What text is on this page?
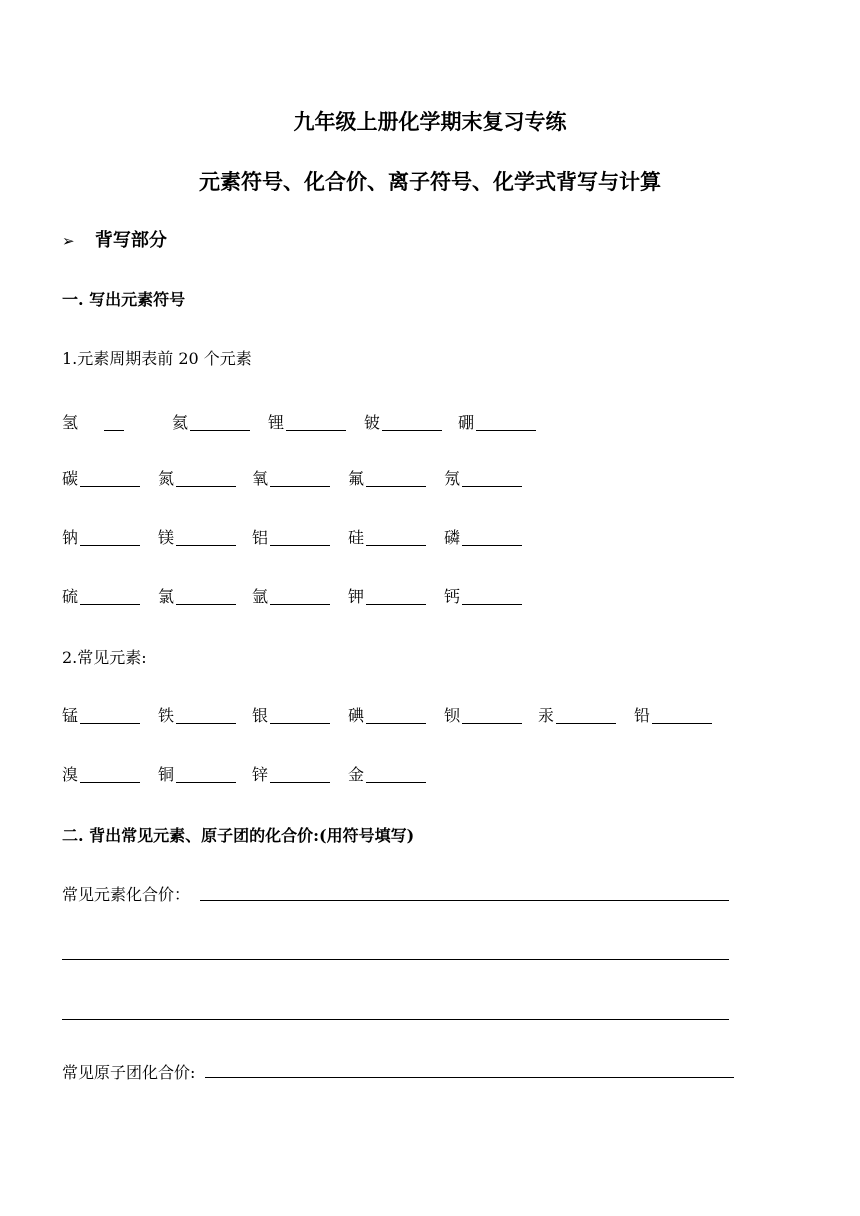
九年级上册化学期末复习专练
元素符号、化合价、离子符号、化学式背写与计算
➢ 背写部分
一. 写出元素符号
1.元素周期表前 20 个元素
氢	氦	锂	铍	硼
碳	氮	氧	氟	氖
钠	镁	铝	硅	磷
硫	氯	氩	钾	钙
2.常见元素:
锰	铁	银	碘	钡	汞	铅
溴	铜	锌	金
二. 背出常见元素、原子团的化合价:(用符号填写)
常见元素化合价：
常见原子团化合价:
